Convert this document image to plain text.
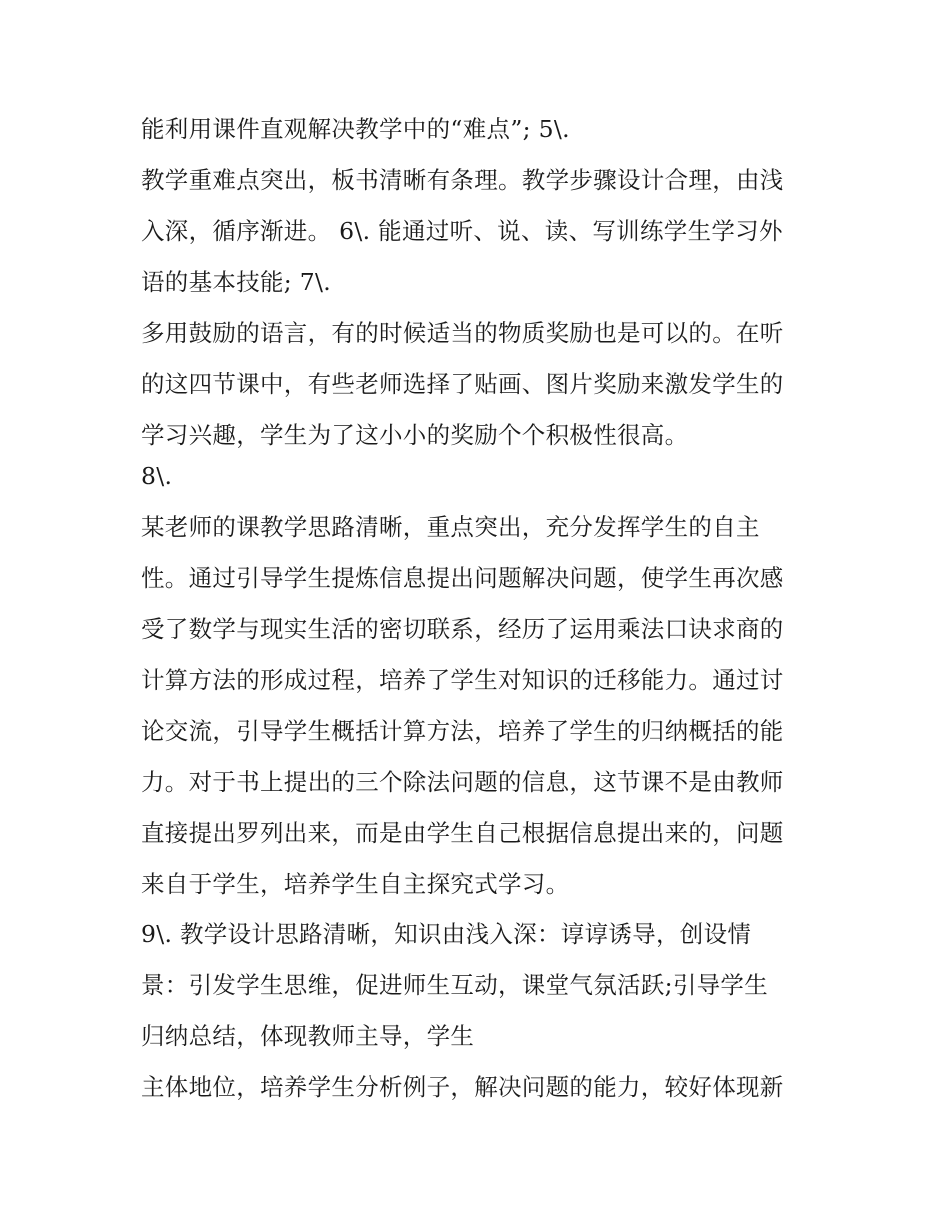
能利用课件直观解决教学中的“难点”; 5\.
教学重难点突出，板书清晰有条理。教学步骤设计合理，由浅
入深，循序渐进。 6\. 能通过听、说、读、写训练学生学习外
语的基本技能; 7\.
多用鼓励的语言，有的时候适当的物质奖励也是可以的。在听
的这四节课中，有些老师选择了贴画、图片奖励来激发学生的
学习兴趣，学生为了这小小的奖励个个积极性很高。
8\.
某老师的课教学思路清晰，重点突出，充分发挥学生的自主
性。通过引导学生提炼信息提出问题解决问题，使学生再次感
受了数学与现实生活的密切联系，经历了运用乘法口诀求商的
计算方法的形成过程，培养了学生对知识的迁移能力。通过讨
论交流，引导学生概括计算方法，培养了学生的归纳概括的能
力。对于书上提出的三个除法问题的信息，这节课不是由教师
直接提出罗列出来，而是由学生自己根据信息提出来的，问题
来自于学生，培养学生自主探究式学习。
9\. 教学设计思路清晰，知识由浅入深：谆谆诱导，创设情
景：引发学生思维，促进师生互动，课堂气氛活跃;引导学生
归纳总结，体现教师主导，学生
主体地位，培养学生分析例子，解决问题的能力，较好体现新
